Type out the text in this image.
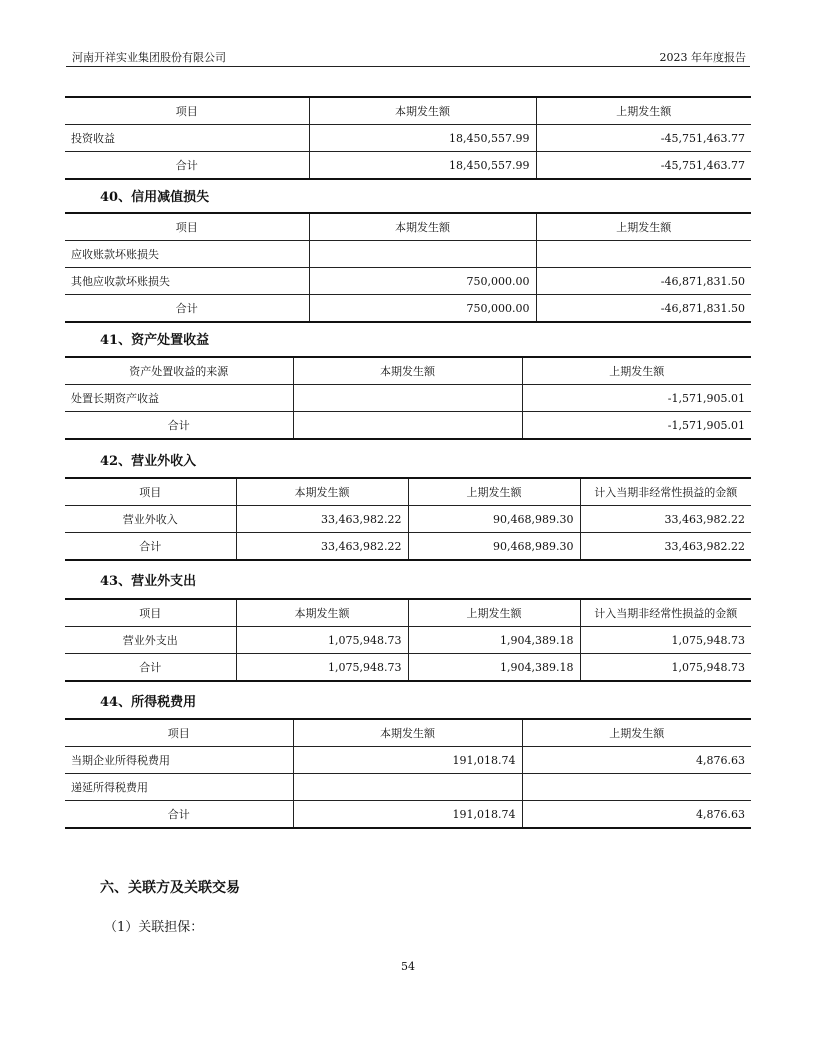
河南开祥实业集团股份有限公司	2023 年年度报告
项目	本期发生额	上期发生额
投资收益	18,450,557.99	-45,751,463.77
合计	18,450,557.99	-45,751,463.77
40、信用减值损失
项目	本期发生额	上期发生额
应收账款坏账损失		
其他应收款坏账损失	750,000.00	-46,871,831.50
合计	750,000.00	-46,871,831.50
41、资产处置收益
资产处置收益的来源	本期发生额	上期发生额
处置长期资产收益		-1,571,905.01
合计		-1,571,905.01
42、营业外收入
项目	本期发生额	上期发生额	计入当期非经常性损益的金额
营业外收入	33,463,982.22	90,468,989.30	33,463,982.22
合计	33,463,982.22	90,468,989.30	33,463,982.22
43、营业外支出
项目	本期发生额	上期发生额	计入当期非经常性损益的金额
营业外支出	1,075,948.73	1,904,389.18	1,075,948.73
合计	1,075,948.73	1,904,389.18	1,075,948.73
44、所得税费用
项目	本期发生额	上期发生额
当期企业所得税费用	191,018.74	4,876.63
递延所得税费用		
合计	191,018.74	4,876.63
六、关联方及关联交易
（1）关联担保：
54
